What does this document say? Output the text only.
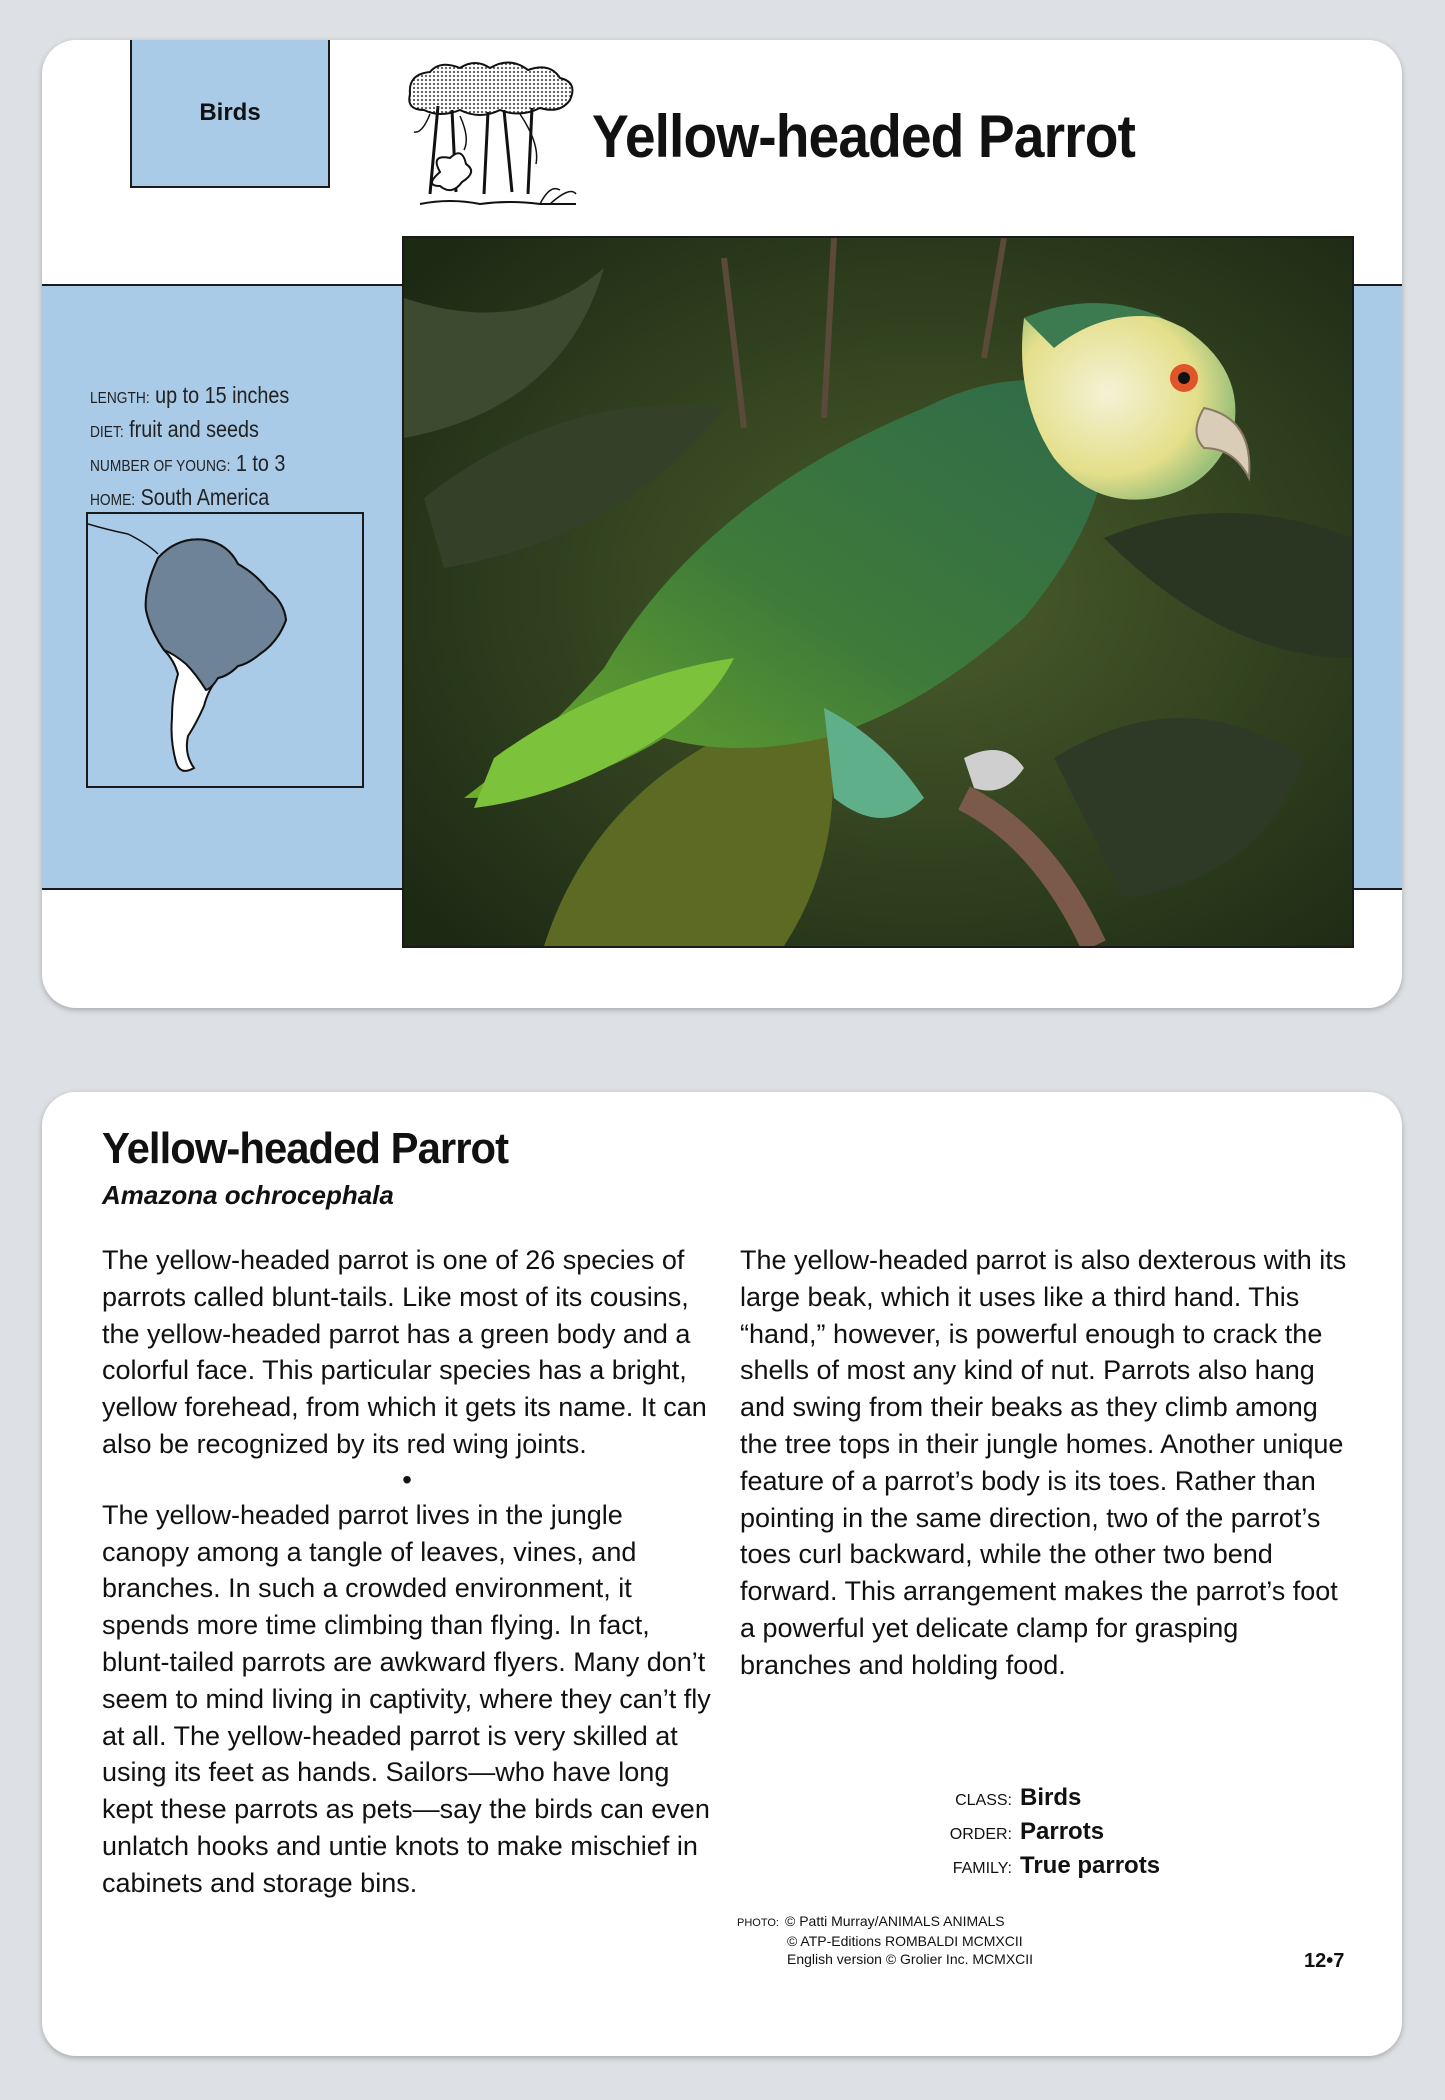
Birds	Yellow-headed Parrot
LENGTH: up to 15 inches
DIET: fruit and seeds
NUMBER OF YOUNG: 1 to 3
HOME: South America
Yellow-headed Parrot
Amazona ochrocephala

The yellow-headed parrot is one of 26 species of parrots called blunt-tails. Like most of its cousins, the yellow-headed parrot has a green body and a colorful face. This particular species has a bright, yellow forehead, from which it gets its name. It can also be recognized by its red wing joints.

•

The yellow-headed parrot lives in the jungle canopy among a tangle of leaves, vines, and branches. In such a crowded environment, it spends more time climbing than flying. In fact, blunt-tailed parrots are awkward flyers. Many don’t seem to mind living in captivity, where they can’t fly at all. The yellow-headed parrot is very skilled at using its feet as hands. Sailors—who have long kept these parrots as pets—say the birds can even unlatch hooks and untie knots to make mischief in cabinets and storage bins.

The yellow-headed parrot is also dexterous with its large beak, which it uses like a third hand. This “hand,” however, is powerful enough to crack the shells of most any kind of nut. Parrots also hang and swing from their beaks as they climb among the tree tops in their jungle homes. Another unique feature of a parrot’s body is its toes. Rather than pointing in the same direction, two of the parrot’s toes curl backward, while the other two bend forward. This arrangement makes the parrot’s foot a powerful yet delicate clamp for grasping branches and holding food.

CLASS: Birds
ORDER: Parrots
FAMILY: True parrots
PHOTO: © Patti Murray/ANIMALS ANIMALS
© ATP-Editions ROMBALDI MCMXCII
English version © Grolier Inc. MCMXCII	12•7
